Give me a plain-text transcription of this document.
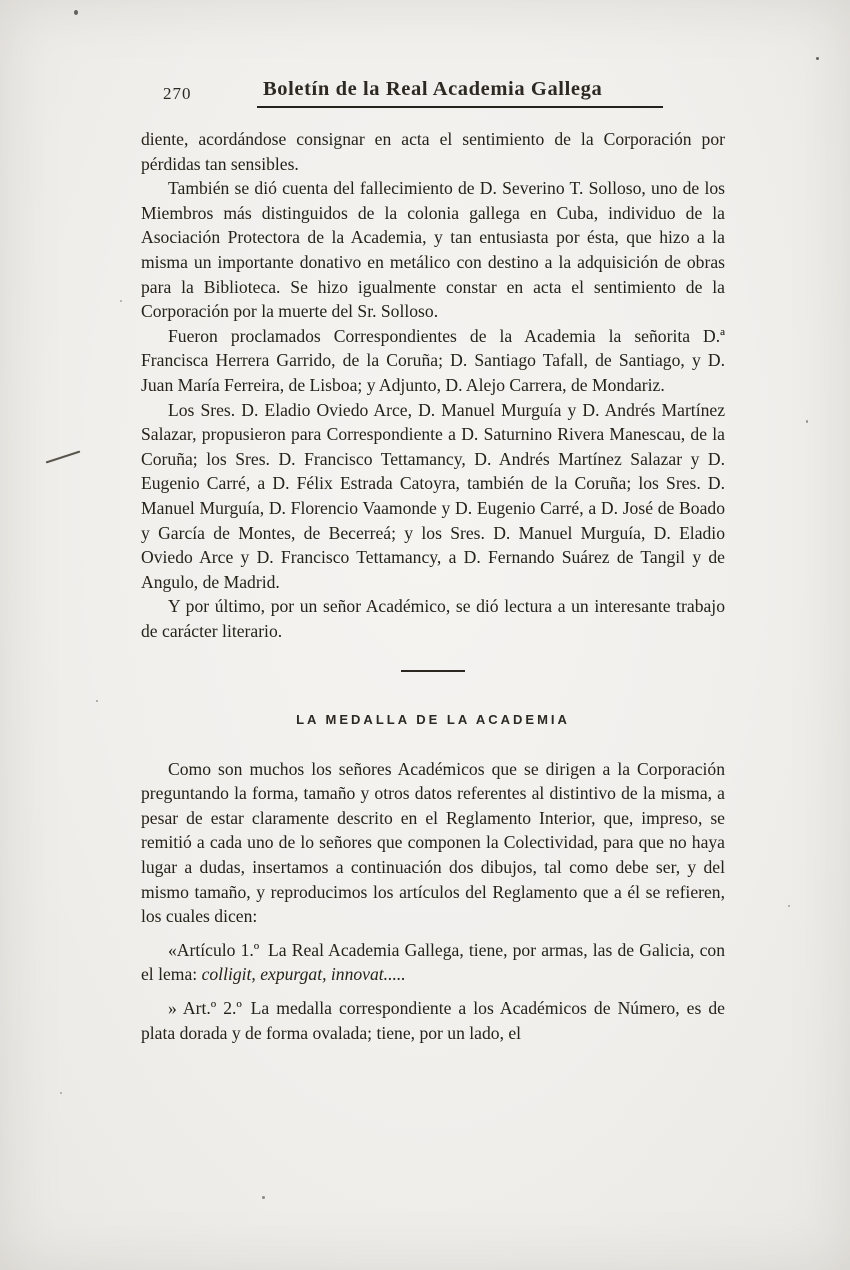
270	Boletín de la Real Academia Gallega

diente, acordándose consignar en acta el sentimiento de la Corporación por pérdidas tan sensibles.

También se dió cuenta del fallecimiento de D. Severino T. Solloso, uno de los Miembros más distinguidos de la colonia gallega en Cuba, individuo de la Asociación Protectora de la Academia, y tan entusiasta por ésta, que hizo a la misma un importante donativo en metálico con destino a la adquisición de obras para la Biblioteca. Se hizo igualmente constar en acta el sentimiento de la Corporación por la muerte del Sr. Solloso.

Fueron proclamados Correspondientes de la Academia la señorita D.ª Francisca Herrera Garrido, de la Coruña; D. Santiago Tafall, de Santiago, y D. Juan María Ferreira, de Lisboa; y Adjunto, D. Alejo Carrera, de Mondariz.

Los Sres. D. Eladio Oviedo Arce, D. Manuel Murguía y D. Andrés Martínez Salazar, propusieron para Correspondiente a D. Saturnino Rivera Manescau, de la Coruña; los Sres. D. Francisco Tettamancy, D. Andrés Martínez Salazar y D. Eugenio Carré, a D. Félix Estrada Catoyra, también de la Coruña; los Sres. D. Manuel Murguía, D. Florencio Vaamonde y D. Eugenio Carré, a D. José de Boado y García de Montes, de Becerreá; y los Sres. D. Manuel Murguía, D. Eladio Oviedo Arce y D. Francisco Tettamancy, a D. Fernando Suárez de Tangil y de Angulo, de Madrid.

Y por último, por un señor Académico, se dió lectura a un interesante trabajo de carácter literario.

LA MEDALLA DE LA ACADEMIA

Como son muchos los señores Académicos que se dirigen a la Corporación preguntando la forma, tamaño y otros datos referentes al distintivo de la misma, a pesar de estar claramente descrito en el Reglamento Interior, que, impreso, se remitió a cada uno de lo señores que componen la Colectividad, para que no haya lugar a dudas, insertamos a continuación dos dibujos, tal como debe ser, y del mismo tamaño, y reproducimos los artículos del Reglamento que a él se refieren, los cuales dicen:

«Artículo 1.º La Real Academia Gallega, tiene, por armas, las de Galicia, con el lema: colligit, expurgat, innovat.....

» Art.º 2.º La medalla correspondiente a los Académicos de Número, es de plata dorada y de forma ovalada; tiene, por un lado, el
